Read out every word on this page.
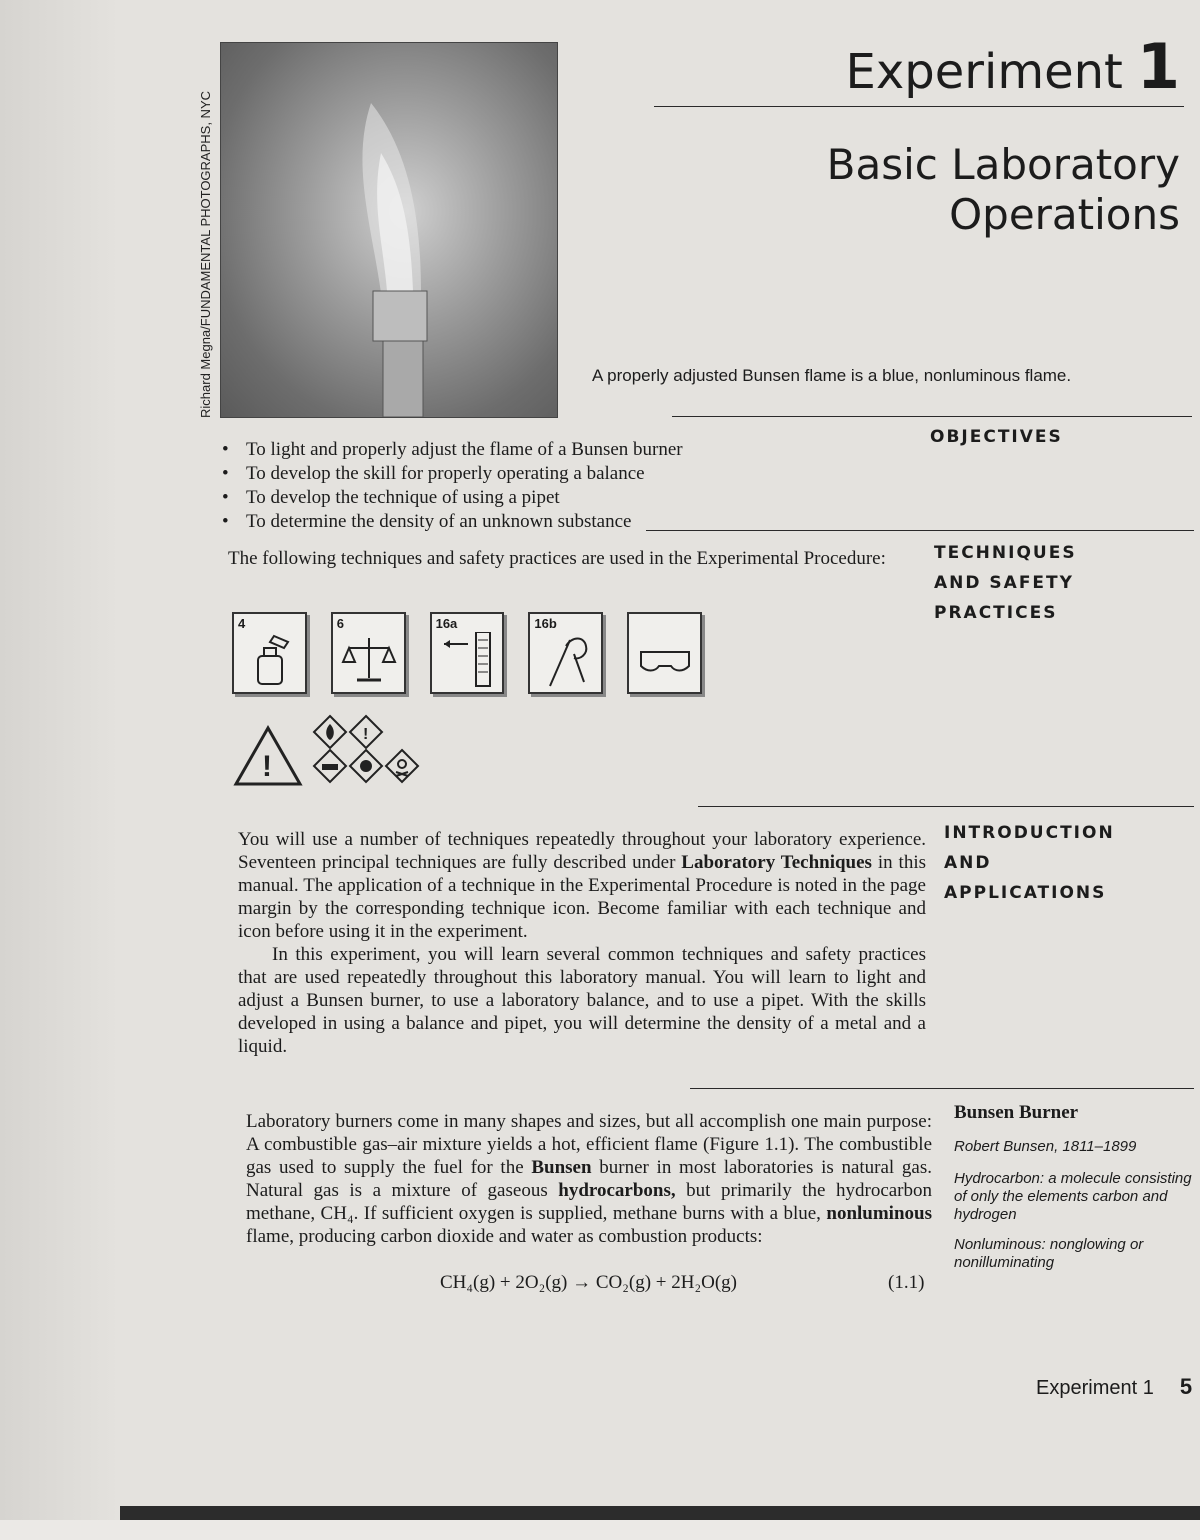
Richard Megna/FUNDAMENTAL PHOTOGRAPHS, NYC
Experiment 1
Basic Laboratory
Operations
A properly adjusted Bunsen flame is a blue, nonluminous flame.
OBJECTIVES
• To light and properly adjust the flame of a Bunsen burner
• To develop the skill for properly operating a balance
• To develop the technique of using a pipet
• To determine the density of an unknown substance
The following techniques and safety practices are used in the Experimental Procedure:	TECHNIQUES
AND SAFETY
PRACTICES
4	6	16a	16b
!
!
INTRODUCTION
AND
APPLICATIONS

You will use a number of techniques repeatedly throughout your laboratory experience. Seventeen principal techniques are fully described under Laboratory Techniques in this manual. The application of a technique in the Experimental Procedure is noted in the page margin by the corresponding technique icon. Become familiar with each technique and icon before using it in the experiment.

In this experiment, you will learn several common techniques and safety practices that are used repeatedly throughout this laboratory manual. You will learn to light and adjust a Bunsen burner, to use a laboratory balance, and to use a pipet. With the skills developed in using a balance and pipet, you will determine the density of a metal and a liquid.

Bunsen Burner
Robert Bunsen, 1811–1899
Hydrocarbon: a molecule consisting of only the elements carbon and hydrogen
Nonluminous: nonglowing or nonilluminating

Laboratory burners come in many shapes and sizes, but all accomplish one main purpose: A combustible gas–air mixture yields a hot, efficient flame (Figure 1.1). The combustible gas used to supply the fuel for the Bunsen burner in most laboratories is natural gas. Natural gas is a mixture of gaseous hydrocarbons, but primarily the hydrocarbon methane, CH₄. If sufficient oxygen is supplied, methane burns with a blue, nonluminous flame, producing carbon dioxide and water as combustion products:

CH₄(g) + 2O₂(g) → CO₂(g) + 2H₂O(g)	(1.1)
Experiment 1 5
